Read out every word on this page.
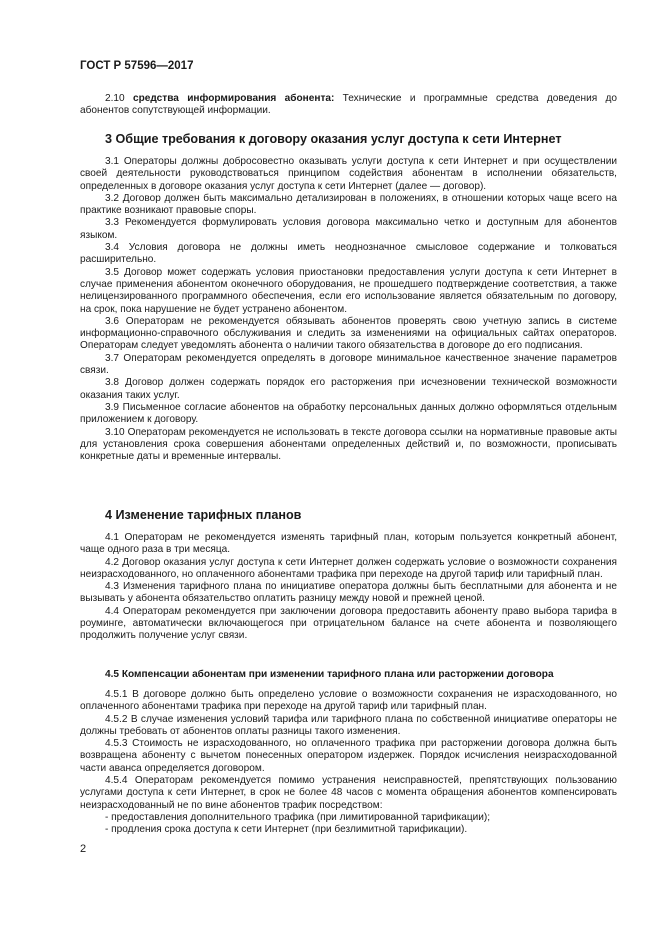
ГОСТ Р 57596—2017

2.10 средства информирования абонента: Технические и программные средства доведения до абонентов сопутствующей информации.

3 Общие требования к договору оказания услуг доступа к сети Интернет

3.1 Операторы должны добросовестно оказывать услуги доступа к сети Интернет и при осуществлении своей деятельности руководствоваться принципом содействия абонентам в исполнении обязательств, определенных в договоре оказания услуг доступа к сети Интернет (далее — договор).

3.2 Договор должен быть максимально детализирован в положениях, в отношении которых чаще всего на практике возникают правовые споры.

3.3 Рекомендуется формулировать условия договора максимально четко и доступным для абонентов языком.

3.4 Условия договора не должны иметь неоднозначное смысловое содержание и толковаться расширительно.

3.5 Договор может содержать условия приостановки предоставления услуги доступа к сети Интернет в случае применения абонентом оконечного оборудования, не прошедшего подтверждение соответствия, а также нелицензированного программного обеспечения, если его использование является обязательным по договору, на срок, пока нарушение не будет устранено абонентом.

3.6 Операторам не рекомендуется обязывать абонентов проверять свою учетную запись в системе информационно-справочного обслуживания и следить за изменениями на официальных сайтах операторов. Операторам следует уведомлять абонента о наличии такого обязательства в договоре до его подписания.

3.7 Операторам рекомендуется определять в договоре минимальное качественное значение параметров связи.

3.8 Договор должен содержать порядок его расторжения при исчезновении технической возможности оказания таких услуг.

3.9 Письменное согласие абонентов на обработку персональных данных должно оформляться отдельным приложением к договору.

3.10 Операторам рекомендуется не использовать в тексте договора ссылки на нормативные правовые акты для установления срока совершения абонентами определенных действий и, по возможности, прописывать конкретные даты и временные интервалы.

4 Изменение тарифных планов

4.1 Операторам не рекомендуется изменять тарифный план, которым пользуется конкретный абонент, чаще одного раза в три месяца.

4.2 Договор оказания услуг доступа к сети Интернет должен содержать условие о возможности сохранения неизрасходованного, но оплаченного абонентами трафика при переходе на другой тариф или тарифный план.

4.3 Изменения тарифного плана по инициативе оператора должны быть бесплатными для абонента и не вызывать у абонента обязательство оплатить разницу между новой и прежней ценой.

4.4 Операторам рекомендуется при заключении договора предоставить абоненту право выбора тарифа в роуминге, автоматически включающегося при отрицательном балансе на счете абонента и позволяющего продолжить получение услуг связи.

4.5 Компенсации абонентам при изменении тарифного плана или расторжении договора

4.5.1 В договоре должно быть определено условие о возможности сохранения не израсходованного, но оплаченного абонентами трафика при переходе на другой тариф или тарифный план.

4.5.2 В случае изменения условий тарифа или тарифного плана по собственной инициативе операторы не должны требовать от абонентов оплаты разницы такого изменения.

4.5.3 Стоимость не израсходованного, но оплаченного трафика при расторжении договора должна быть возвращена абоненту с вычетом понесенных оператором издержек. Порядок исчисления неизрасходованной части аванса определяется договором.

4.5.4 Операторам рекомендуется помимо устранения неисправностей, препятствующих пользованию услугами доступа к сети Интернет, в срок не более 48 часов с момента обращения абонентов компенсировать неизрасходованный не по вине абонентов трафик посредством:

- предоставления дополнительного трафика (при лимитированной тарификации);

- продления срока доступа к сети Интернет (при безлимитной тарификации).

2
